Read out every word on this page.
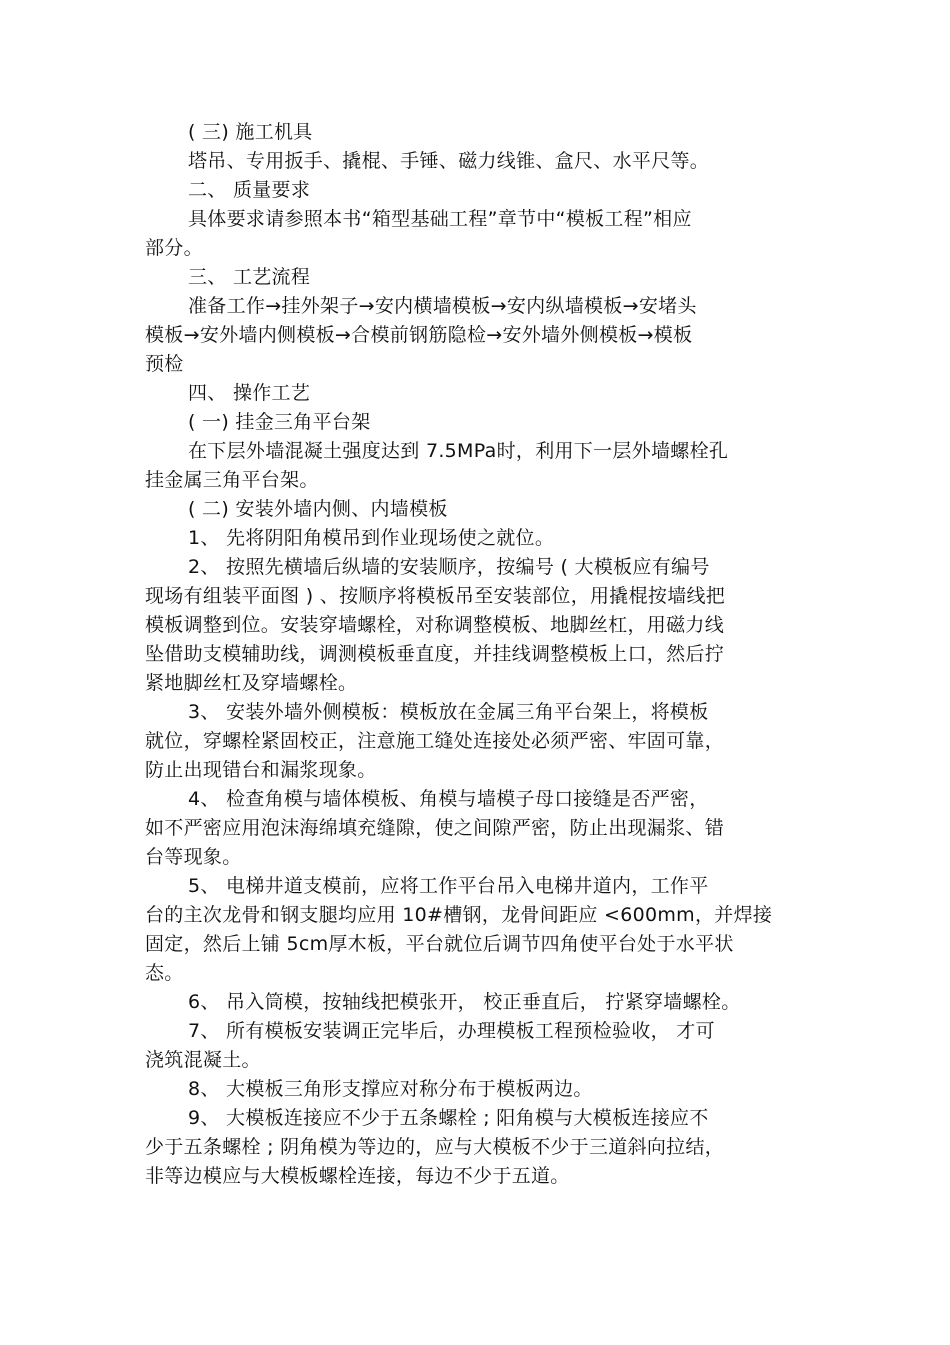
( 三) 施工机具
塔吊、专用扳手、撬棍、手锤、磁力线锥、盒尺、水平尺等。
二、 质量要求
具体要求请参照本书“箱型基础工程”章节中“模板工程”相应
部分。
三、 工艺流程
准备工作→挂外架子→安内横墙模板→安内纵墙模板→安堵头
模板→安外墙内侧模板→合模前钢筋隐检→安外墙外侧模板→模板
预检
四、 操作工艺
( 一) 挂金三角平台架
在下层外墙混凝土强度达到 7.5MPa时，利用下一层外墙螺栓孔
挂金属三角平台架。
( 二) 安装外墙内侧、内墙模板
1、 先将阴阳角模吊到作业现场使之就位。
2、 按照先横墙后纵墙的安装顺序，按编号 ( 大模板应有编号
现场有组装平面图 ) 、按顺序将模板吊至安装部位，用撬棍按墙线把
模板调整到位。安装穿墙螺栓，对称调整模板、地脚丝杠，用磁力线
坠借助支模辅助线，调测模板垂直度，并挂线调整模板上口，然后拧
紧地脚丝杠及穿墙螺栓。
3、 安装外墙外侧模板：模板放在金属三角平台架上，将模板
就位，穿螺栓紧固校正，注意施工缝处连接处必须严密、牢固可靠，
防止出现错台和漏浆现象。
4、 检查角模与墙体模板、角模与墙模子母口接缝是否严密，
如不严密应用泡沫海绵填充缝隙，使之间隙严密，防止出现漏浆、错
台等现象。
5、 电梯井道支模前，应将工作平台吊入电梯井道内，工作平
台的主次龙骨和钢支腿均应用 10#槽钢，龙骨间距应 <600mm，并焊接
固定，然后上铺 5cm厚木板，平台就位后调节四角使平台处于水平状
态。
6、 吊入筒模，按轴线把模张开， 校正垂直后， 拧紧穿墙螺栓。
7、 所有模板安装调正完毕后，办理模板工程预检验收， 才可
浇筑混凝土。
8、 大模板三角形支撑应对称分布于模板两边。
9、 大模板连接应不少于五条螺栓 ; 阳角模与大模板连接应不
少于五条螺栓 ; 阴角模为等边的，应与大模板不少于三道斜向拉结，
非等边模应与大模板螺栓连接，每边不少于五道。
